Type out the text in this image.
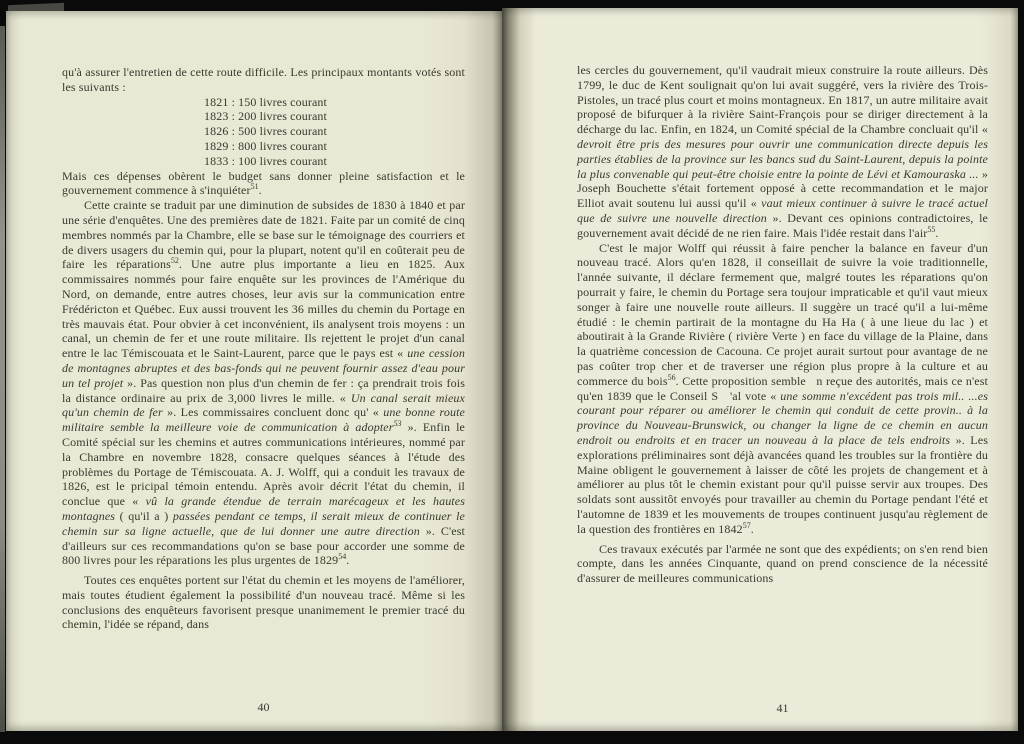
qu'à assurer l'entretien de cette route difficile. Les principaux montants votés sont les suivants :

1821 : 150 livres courant
1823 : 200 livres courant
1826 : 500 livres courant
1829 : 800 livres courant
1833 : 100 livres courant

Mais ces dépenses obèrent le budget sans donner pleine satisfaction et le gouvernement commence à s'inquiéter$^{51}$.

Cette crainte se traduit par une diminution de subsides de 1830 à 1840 et par une série d'enquêtes. Une des premières date de 1821. Faite par un comité de cinq membres nommés par la Chambre, elle se base sur le témoignage des courriers et de divers usagers du chemin qui, pour la plupart, notent qu'il en coûterait peu de faire les réparations$^{52}$. Une autre plus importante a lieu en 1825. Aux commissaires nommés pour faire enquête sur les provinces de l'Amérique du Nord, on demande, entre autres choses, leur avis sur la communication entre Frédéricton et Québec. Eux aussi trouvent les 36 milles du chemin du Portage en très mauvais état. Pour obvier à cet inconvénient, ils analysent trois moyens : un canal, un chemin de fer et une route militaire. Ils rejettent le projet d'un canal entre le lac Témiscouata et le Saint-Laurent, parce que le pays est « une cession de montagnes abruptes et des bas-fonds qui ne peuvent fournir assez d'eau pour un tel projet ». Pas question non plus d'un chemin de fer : ça prendrait trois fois la distance ordinaire au prix de 3,000 livres le mille. « Un canal serait mieux qu'un chemin de fer ». Les commissaires concluent donc qu' « une bonne route militaire semble la meilleure voie de communication à adopter$^{53}$ ». Enfin le Comité spécial sur les chemins et autres communications intérieures, nommé par la Chambre en novembre 1828, consacre quelques séances à l'étude des problèmes du Portage de Témiscouata. A. J. Wolff, qui a conduit les travaux de 1826, est le pricipal témoin entendu. Après avoir décrit l'état du chemin, il conclue que « vû la grande étendue de terrain marécageux et les hautes montagnes ( qu'il a ) passées pendant ce temps, il serait mieux de continuer le chemin sur sa ligne actuelle, que de lui donner une autre direction ». C'est d'ailleurs sur ces recommandations qu'on se base pour accorder une somme de 800 livres pour les réparations les plus urgentes de 1829$^{54}$.

Toutes ces enquêtes portent sur l'état du chemin et les moyens de l'améliorer, mais toutes étudient également la possibilité d'un nouveau tracé. Même si les conclusions des enquêteurs favorisent presque unanimement le premier tracé du chemin, l'idée se répand, dans

40

les cercles du gouvernement, qu'il vaudrait mieux construire la route ailleurs. Dès 1799, le duc de Kent soulignait qu'on lui avait suggéré, vers la rivière des Trois-Pistoles, un tracé plus court et moins montagneux. En 1817, un autre militaire avait proposé de bifurquer à la rivière Saint-François pour se diriger directement à la décharge du lac. Enfin, en 1824, un Comité spécial de la Chambre concluait qu'il « devroit être pris des mesures pour ouvrir une communication directe depuis les parties établies de la province sur les bancs sud du Saint-Laurent, depuis la pointe la plus convenable qui peut-être choisie entre la pointe de Lévi et Kamouraska ... » Joseph Bouchette s'était fortement opposé à cette recommandation et le major Elliot avait soutenu lui aussi qu'il « vaut mieux continuer à suivre le tracé actuel que de suivre une nouvelle direction ». Devant ces opinions contradictoires, le gouvernement avait décidé de ne rien faire. Mais l'idée restait dans l'air$^{55}$.

C'est le major Wolff qui réussit à faire pencher la balance en faveur d'un nouveau tracé. Alors qu'en 1828, il conseillait de suivre la voie traditionnelle, l'année suivante, il déclare fermement que, malgré toutes les réparations qu'on pourrait y faire, le chemin du Portage sera toujour impraticable et qu'il vaut mieux songer à faire une nouvelle route ailleurs. Il suggère un tracé qu'il a lui-même étudié : le chemin partirait de la montagne du Ha Ha ( à une lieue du lac ) et aboutirait à la Grande Rivière ( rivière Verte ) en face du village de la Plaine, dans la quatrième concession de Cacouna. Ce projet aurait surtout pour avantage de ne pas coûter trop cher et de traverser une région plus propre à la culture et au commerce du bois$^{56}$. Cette proposition semble   n reçue des autorités, mais ce n'est qu'en 1839 que le Conseil S   'al vote « une somme n'excédent pas trois mil.. ...es courant pour réparer ou améliorer le chemin qui conduit de cette provin.. à la province du Nouveau-Brunswick, ou changer la ligne de ce chemin en aucun endroit ou endroits et en tracer un nouveau à la place de tels endroits ». Les explorations préliminaires sont déjà avancées quand les troubles sur la frontière du Maine obligent le gouvernement à laisser de côté les projets de changement et à améliorer au plus tôt le chemin existant pour qu'il puisse servir aux troupes. Des soldats sont aussitôt envoyés pour travailler au chemin du Portage pendant l'été et l'automne de 1839 et les mouvements de troupes continuent jusqu'au règlement de la question des frontières en 1842$^{57}$.

Ces travaux exécutés par l'armée ne sont que des expédients; on s'en rend bien compte, dans les années Cinquante, quand on prend conscience de la nécessité d'assurer de meilleures communications

41
